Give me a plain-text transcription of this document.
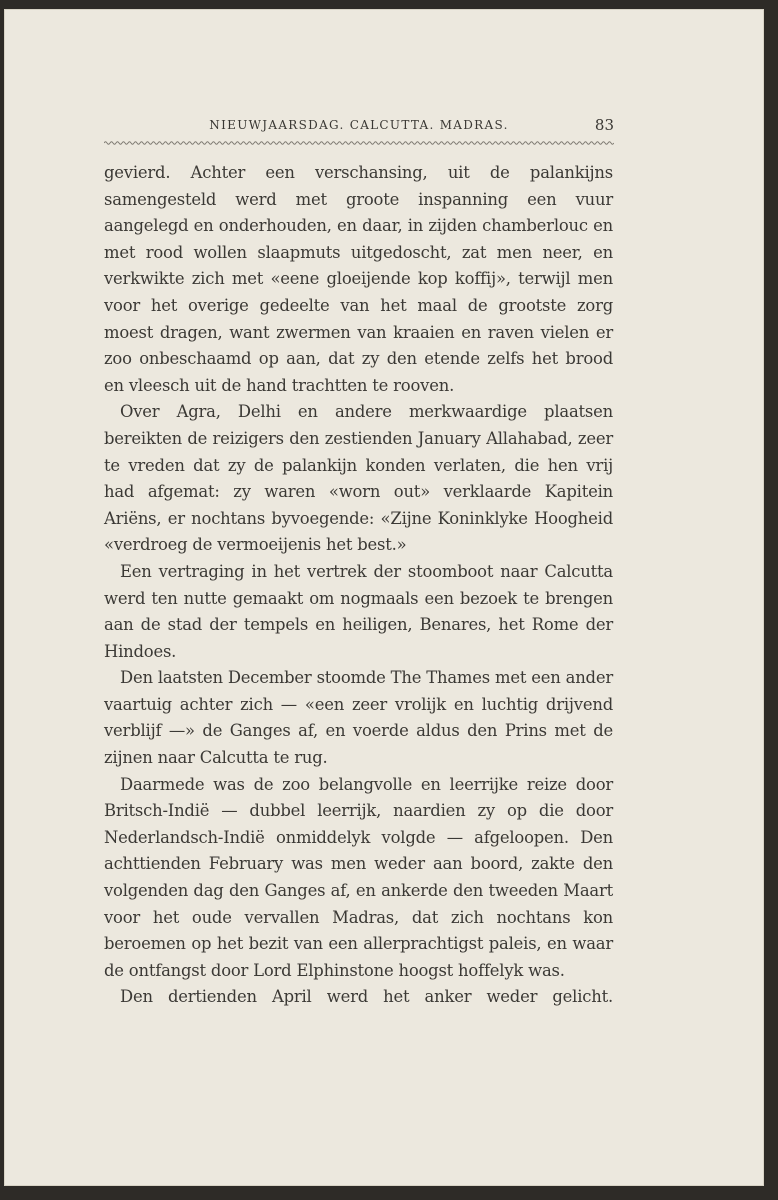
NIEUWJAARSDAG. CALCUTTA. MADRAS.	83

gevierd. Achter een verschansing, uit de palankijns samengesteld werd met groote inspanning een vuur aangelegd en onderhouden, en daar, in zijden chamberlouc en met rood wollen slaapmuts uitgedoscht, zat men neer, en verkwikte zich met «eene gloeijende kop koffij», terwijl men voor het overige gedeelte van het maal de grootste zorg moest dragen, want zwermen van kraaien en raven vielen er zoo onbeschaamd op aan, dat zy den etende zelfs het brood en vleesch uit de hand trachtten te rooven.

Over Agra, Delhi en andere merkwaardige plaatsen bereikten de reizigers den zestienden January Allahabad, zeer te vreden dat zy de palankijn konden verlaten, die hen vrij had afgemat: zy waren «worn out» verklaarde Kapitein Ariëns, er nochtans byvoegende: «Zijne Koninklyke Hoogheid «verdroeg de vermoeijenis het best.»

Een vertraging in het vertrek der stoomboot naar Calcutta werd ten nutte gemaakt om nogmaals een bezoek te brengen aan de stad der tempels en heiligen, Benares, het Rome der Hindoes.

Den laatsten December stoomde The Thames met een ander vaartuig achter zich — «een zeer vrolijk en luchtig drijvend verblijf —» de Ganges af, en voerde aldus den Prins met de zijnen naar Calcutta te rug.

Daarmede was de zoo belangvolle en leerrijke reize door Britsch-Indië — dubbel leerrijk, naardien zy op die door Nederlandsch-Indië onmiddelyk volgde — afgeloopen. Den achttienden February was men weder aan boord, zakte den volgenden dag den Ganges af, en ankerde den tweeden Maart voor het oude vervallen Madras, dat zich nochtans kon beroemen op het bezit van een allerprachtigst paleis, en waar de ontfangst door Lord Elphinstone hoogst hoffelyk was.

Den dertienden April werd het anker weder gelicht.
